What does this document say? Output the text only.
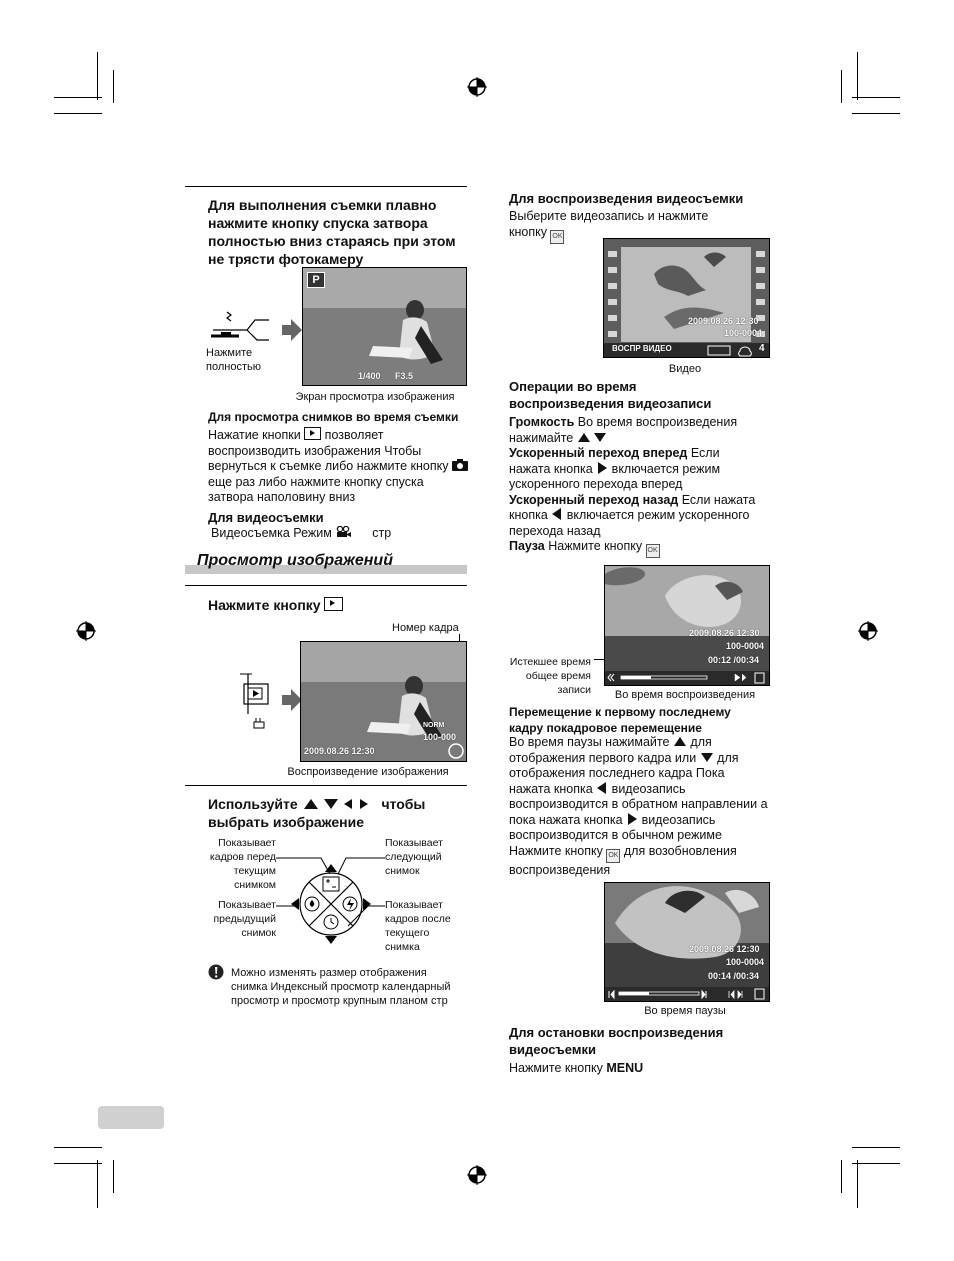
Для выполнения съемки плавно нажмите кнопку спуска затвора полностью вниз стараясь при этом не трясти фотокамеру
Нажмите полностью
P
1/400 F3.5
Экран просмотра изображения
Для просмотра снимков во время съемки
Нажатие кнопки позволяет воспроизводить изображения Чтобы вернуться к съемке либо нажмите кнопку  еще раз либо нажмите кнопку спуска затвора наполовину вниз
Для видеосъемки
Видеосъемка Режим	стр
Просмотр изображений
Нажмите кнопку
Номер кадра
NORM
100-000
2009.08.26 12:30
Воспроизведение изображения
Используйте	чтобы выбрать изображение
Показывает кадров перед текущим снимком
Показывает следующий снимок
Показывает предыдущий снимок
Показывает кадров после текущего снимка
Можно изменять размер отображения снимка Индексный просмотр календарный просмотр и просмотр крупным планом стр
Для воспроизведения видеосъемки
Выберите видеозапись и нажмите кнопку OK
2009.08.26 12:30
100-0004
ВОСПР ВИДЕО	4
Видео
Операции во время воспроизведения видеозаписи
Громкость Во время воспроизведения нажимайте
Ускоренный переход вперед Если нажата кнопка включается режим ускоренного перехода вперед
Ускоренный переход назад Если нажата кнопка включается режим ускоренного перехода назад
Пауза Нажмите кнопку OK
Истекшее время общее время записи
2009.08.26 12:30
100-0004
00:12 /00:34
Во время воспроизведения
Перемещение к первому последнему кадру покадровое перемещение
Во время паузы нажимайте для отображения первого кадра или для отображения последнего кадра Пока нажата кнопка видеозапись воспроизводится в обратном направлении а пока нажата кнопка видеозапись воспроизводится в обычном режиме Нажмите кнопку OK для возобновления воспроизведения
2009.08.26 12:30
100-0004
00:14 /00:34
Во время паузы
Для остановки воспроизведения видеосъемки
Нажмите кнопку MENU
